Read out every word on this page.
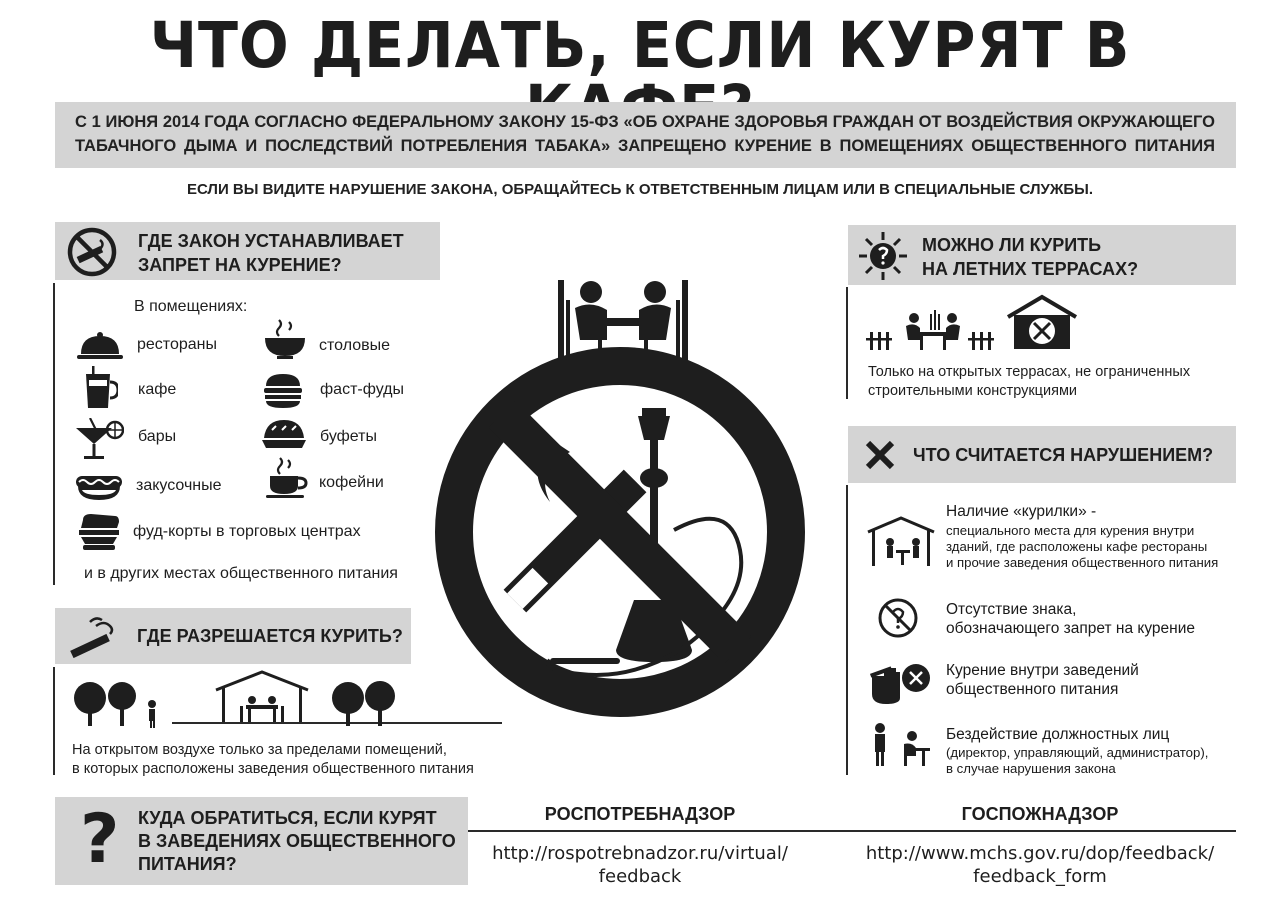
ЧТО ДЕЛАТЬ, ЕСЛИ КУРЯТ В
С 1 ИЮНЯ 2014 ГОДА СОГЛАСНО ФЕДЕРАЛЬНОМУ ЗАКОНУ 15-ФЗ «ОБ ОХРАНЕ ЗДОРОВЬЯ ГРАЖДАН ОТ ВОЗДЕЙСТВИЯ ОКРУЖАЮЩЕГО
ТАБАЧНОГО ДЫМА И ПОСЛЕДСТВИЙ ПОТРЕБЛЕНИЯ ТАБАКА» ЗАПРЕЩЕНО КУРЕНИЕ В ПОМЕЩЕНИЯХ ОБЩЕСТВЕННОГО ПИТАНИЯ
ЕСЛИ ВЫ ВИДИТЕ НАРУШЕНИЕ ЗАКОНА, ОБРАЩАЙТЕСЬ К ОТВЕТСТВЕННЫМ ЛИЦАМ ИЛИ В СПЕЦИАЛЬНЫЕ СЛУЖБЫ.
ГДЕ ЗАКОН УСТАНАВЛИВАЕТ
ЗАПРЕТ НА КУРЕНИЕ?
В помещениях:
рестораны	столовые
кафе	фаст-фуды
бары	буфеты
закусочные	кофейни
фуд-корты в торговых центрах
и в других местах общественного питания
ГДЕ РАЗРЕШАЕТСЯ КУРИТЬ?
На открытом воздухе только за пределами помещений,
в которых расположены заведения общественного питания
МОЖНО ЛИ КУРИТЬ
НА ЛЕТНИХ ТЕРРАСАХ?
Только на открытых террасах, не ограниченных
строительными конструкциями
ЧТО СЧИТАЕТСЯ НАРУШЕНИЕМ?
Наличие «курилки» -
специального места для курения внутри
зданий, где расположены кафе рестораны
и прочие заведения общественного питания
Отсутствие знака,
обозначающего запрет на курение
Курение внутри заведений
общественного питания
Бездействие должностных лиц
(директор, управляющий, администратор),
в случае нарушения закона
? КУДА ОБРАТИТЬСЯ, ЕСЛИ КУРЯТ
В ЗАВЕДЕНИЯХ ОБЩЕСТВЕННОГО
ПИТАНИЯ?
РОСПОТРЕБНАДЗОР
http://rospotrebnadzor.ru/virtual/
feedback
ГОСПОЖНАДЗОР
http://www.mchs.gov.ru/dop/feedback/
feedback_form
